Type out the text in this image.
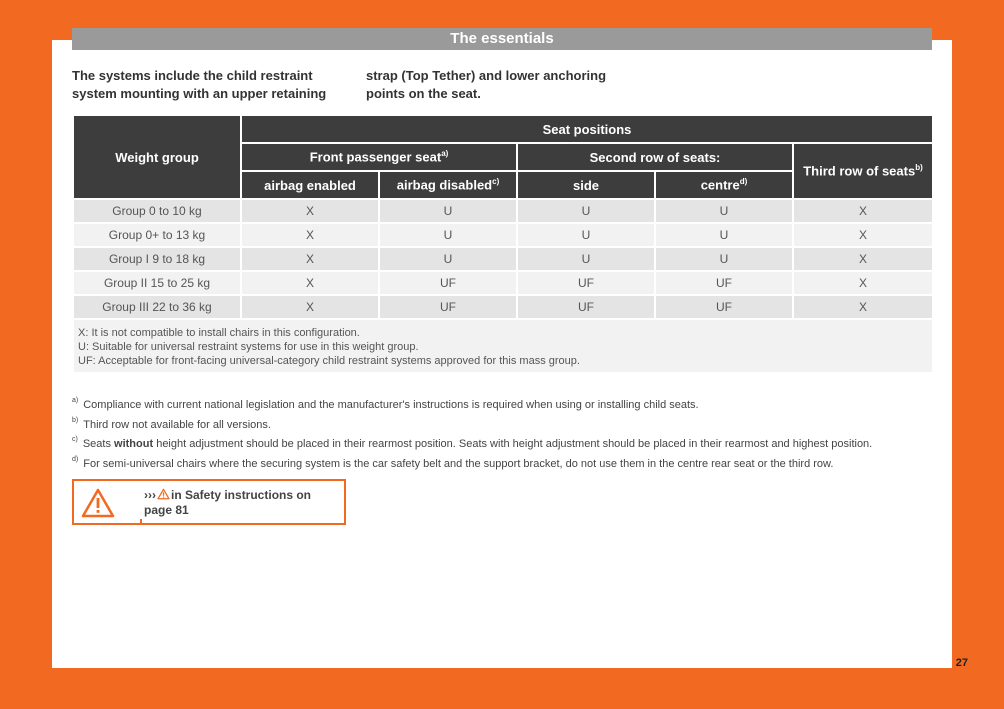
The essentials
The systems include the child restraint system mounting with an upper retaining
strap (Top Tether) and lower anchoring points on the seat.
Weight group	Seat positions				
	Front passenger seat$^{a)}$		Second row of seats:		Third row of seats$^{b)}$
	airbag enabled	airbag disabled$^{c)}$	side	centre$^{d)}$
Group 0 to 10 kg	X	U	U	U	X
Group 0+ to 13 kg	X	U	U	U	X
Group I 9 to 18 kg	X	U	U	U	X
Group II 15 to 25 kg	X	UF	UF	UF	X
Group III 22 to 36 kg	X	UF	UF	UF	X

X: It is not compatible to install chairs in this configuration.
U: Suitable for universal restraint systems for use in this weight group.
UF: Acceptable for front-facing universal-category child restraint systems approved for this mass group.					
$^{a)}$ Compliance with current national legislation and the manufacturer's instructions is required when using or installing child seats.
$^{b)}$ Third row not available for all versions.
$^{c)}$ Seats without height adjustment should be placed in their rearmost position. Seats with height adjustment should be placed in their rearmost and highest position.
$^{d)}$ For semi-universal chairs where the securing system is the car safety belt and the support bracket, do not use them in the centre rear seat or the third row.
››› in Safety instructions on
page 81
27
